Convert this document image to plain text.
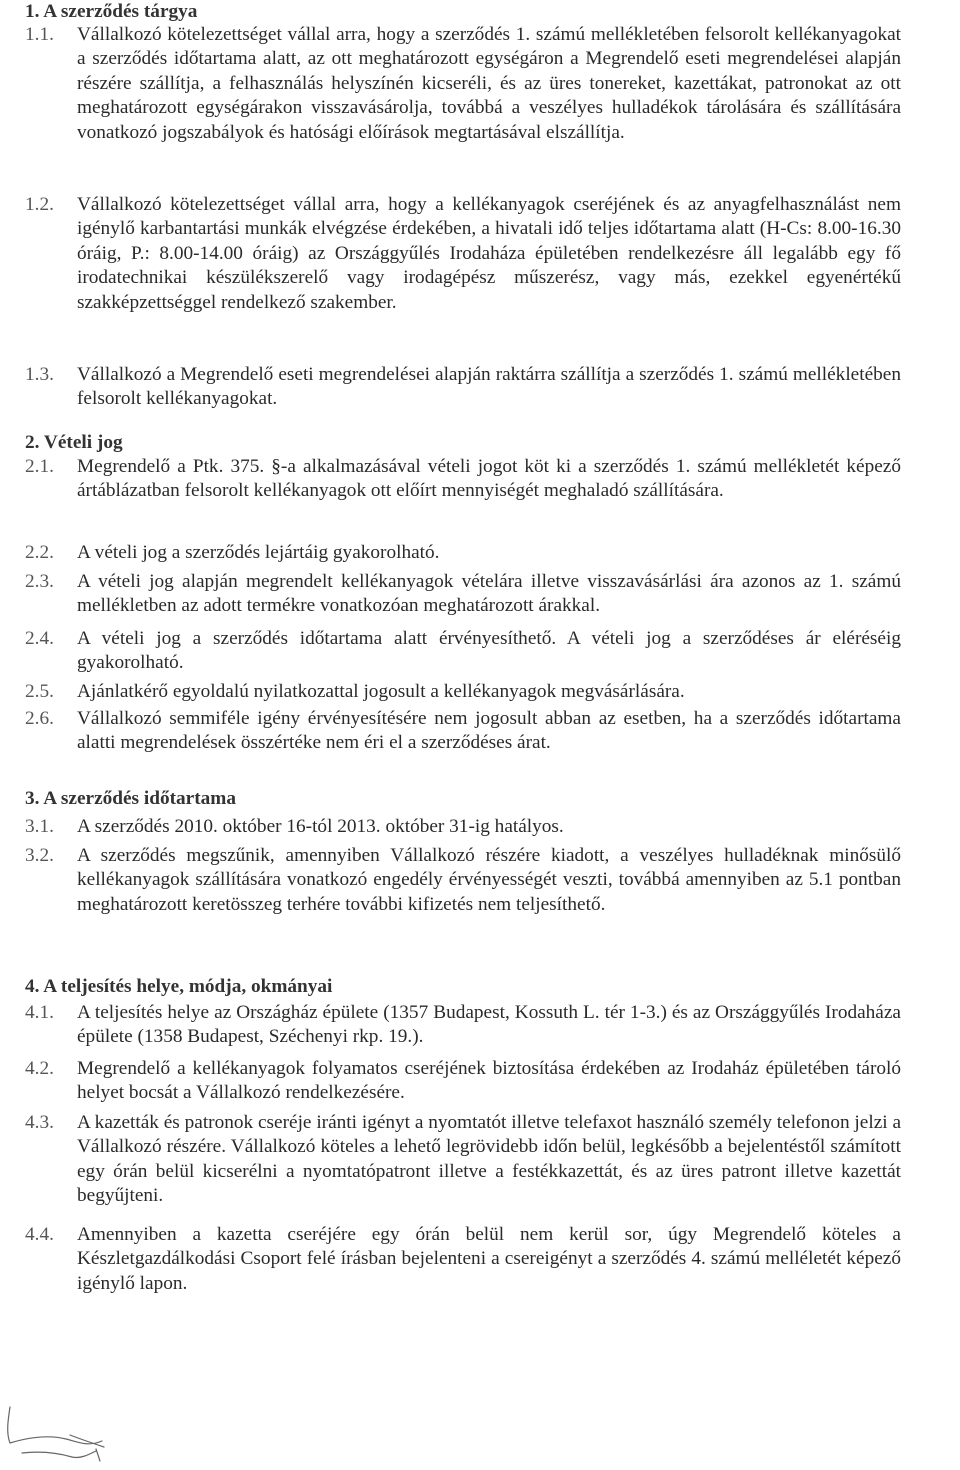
1. A szerződés tárgya
1.1.	Vállalkozó kötelezettséget vállal arra, hogy a szerződés 1. számú mellékletében felsorolt kellékanyagokat a szerződés időtartama alatt, az ott meghatározott egységáron a Megrendelő eseti megrendelései alapján részére szállítja, a felhasználás helyszínén kicseréli, és az üres tonereket, kazettákat, patronokat az ott meghatározott egységárakon visszavásárolja, továbbá a veszélyes hulladékok tárolására és szállítására vonatkozó jogszabályok és hatósági előírások megtartásával elszállítja.
1.2.	Vállalkozó kötelezettséget vállal arra, hogy a kellékanyagok cseréjének és az anyagfelhasználást nem igénylő karbantartási munkák elvégzése érdekében, a hivatali idő teljes időtartama alatt (H-Cs: 8.00-16.30 óráig, P.: 8.00-14.00 óráig) az Országgyűlés Irodaháza épületében rendelkezésre áll legalább egy fő irodatechnikai készülékszerelő vagy irodagépész műszerész, vagy más, ezekkel egyenértékű szakképzettséggel rendelkező szakember.
1.3.	Vállalkozó a Megrendelő eseti megrendelései alapján raktárra szállítja a szerződés 1. számú mellékletében felsorolt kellékanyagokat.
2. Vételi jog
2.1.	Megrendelő a Ptk. 375. §-a alkalmazásával vételi jogot köt ki a szerződés 1. számú mellékletét képező ártáblázatban felsorolt kellékanyagok ott előírt mennyiségét meghaladó szállítására.
2.2.	A vételi jog a szerződés lejártáig gyakorolható.
2.3.	A vételi jog alapján megrendelt kellékanyagok vételára illetve visszavásárlási ára azonos az 1. számú mellékletben az adott termékre vonatkozóan meghatározott árakkal.
2.4.	A vételi jog a szerződés időtartama alatt érvényesíthető. A vételi jog a szerződéses ár eléréséig gyakorolható.
2.5.	Ajánlatkérő egyoldalú nyilatkozattal jogosult a kellékanyagok megvásárlására.
2.6.	Vállalkozó semmiféle igény érvényesítésére nem jogosult abban az esetben, ha a szerződés időtartama alatti megrendelések összértéke nem éri el a szerződéses árat.
3. A szerződés időtartama
3.1.	A szerződés 2010. október 16-tól 2013. október 31-ig hatályos.
3.2.	A szerződés megszűnik, amennyiben Vállalkozó részére kiadott, a veszélyes hulladéknak minősülő kellékanyagok szállítására vonatkozó engedély érvényességét veszti, továbbá amennyiben az 5.1 pontban meghatározott keretösszeg terhére további kifizetés nem teljesíthető.
4. A teljesítés helye, módja, okmányai
4.1.	A teljesítés helye az Országház épülete (1357 Budapest, Kossuth L. tér 1-3.) és az Országgyűlés Irodaháza épülete (1358 Budapest, Széchenyi rkp. 19.).
4.2.	Megrendelő a kellékanyagok folyamatos cseréjének biztosítása érdekében az Irodaház épületében tároló helyet bocsát a Vállalkozó rendelkezésére.
4.3.	A kazetták és patronok cseréje iránti igényt a nyomtatót illetve telefaxot használó személy telefonon jelzi a Vállalkozó részére. Vállalkozó köteles a lehető legrövidebb időn belül, legkésőbb a bejelentéstől számított egy órán belül kicserélni a nyomtatópatront illetve a festékkazettát, és az üres patront illetve kazettát begyűjteni.
4.4.	Amennyiben a kazetta cseréjére egy órán belül nem kerül sor, úgy Megrendelő köteles a Készletgazdálkodási Csoport felé írásban bejelenteni a csereigényt a szerződés 4. számú melléletét képező igénylő lapon.
